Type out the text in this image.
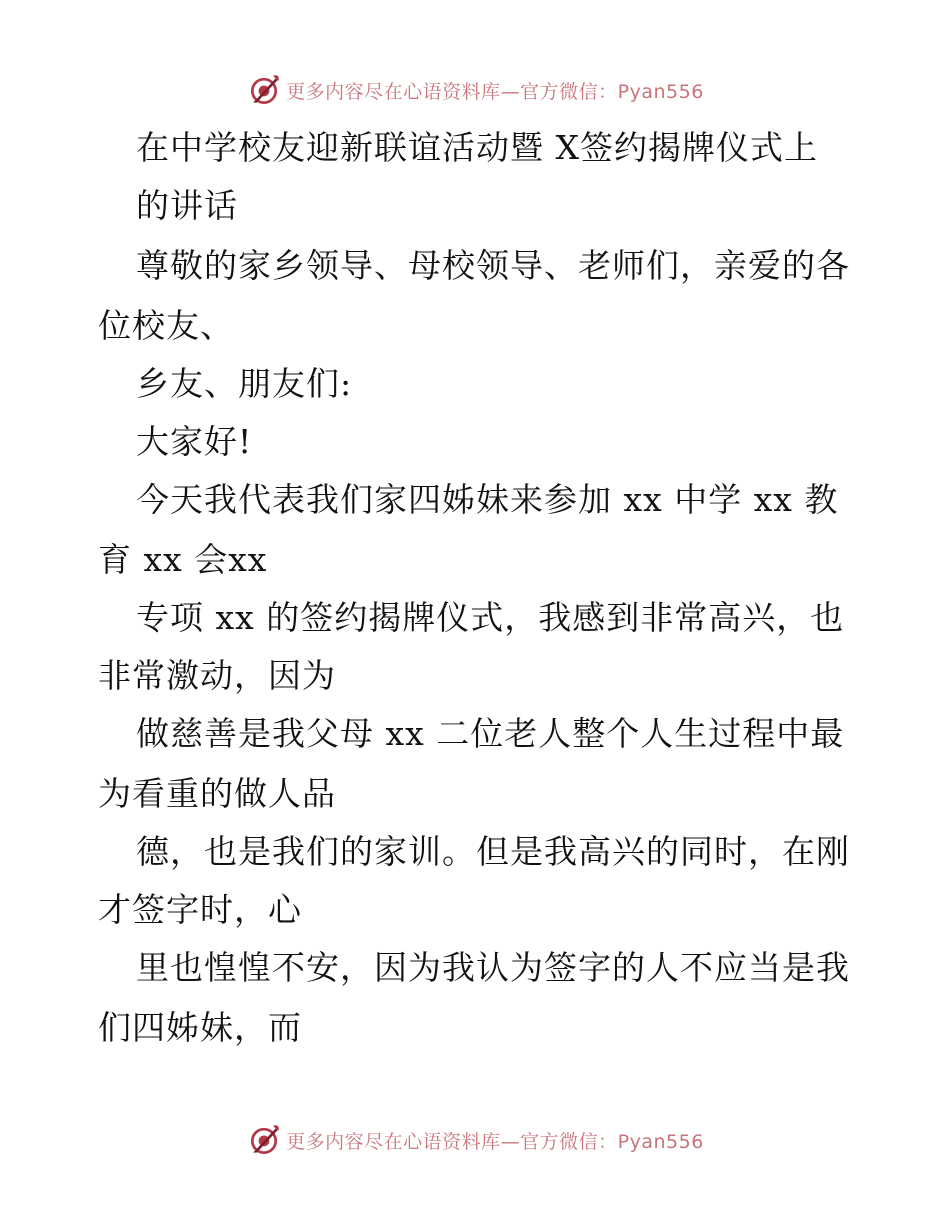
更多内容尽在心语资料库—官方微信：Pyan556
在中学校友迎新联谊活动暨 X签约揭牌仪式上
的讲话
尊敬的家乡领导、母校领导、老师们，亲爱的各
位校友、
乡友、朋友们:
大家好!
今天我代表我们家四姊妹来参加 xx 中学 xx 教
育 xx 会xx
专项 xx 的签约揭牌仪式，我感到非常高兴，也
非常激动，因为
做慈善是我父母 xx 二位老人整个人生过程中最
为看重的做人品
德，也是我们的家训。但是我高兴的同时，在刚
才签字时，心
里也惶惶不安，因为我认为签字的人不应当是我
们四姊妹，而
更多内容尽在心语资料库—官方微信：Pyan556
